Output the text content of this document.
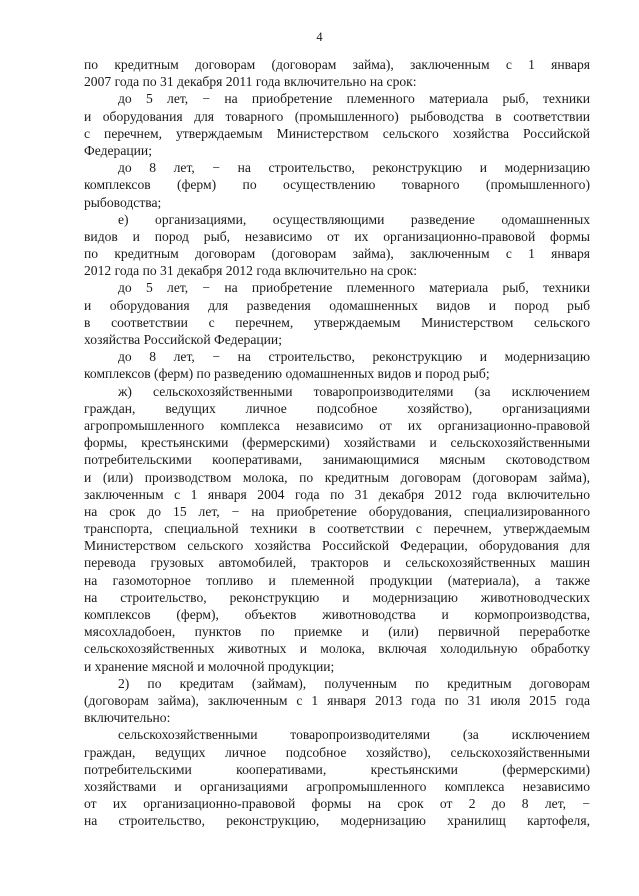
4
по кредитным договорам (договорам займа), заключенным с 1 января
2007 года по 31 декабря 2011 года включительно на срок:
до 5 лет, − на приобретение племенного материала рыб, техники
и оборудования для товарного (промышленного) рыбоводства в соответствии
с перечнем, утверждаемым Министерством сельского хозяйства Российской
Федерации;
до 8 лет, − на строительство, реконструкцию и модернизацию
комплексов (ферм) по осуществлению товарного (промышленного)
рыбоводства;
е) организациями, осуществляющими разведение одомашненных
видов и пород рыб, независимо от их организационно-правовой формы
по кредитным договорам (договорам займа), заключенным с 1 января
2012 года по 31 декабря 2012 года включительно на срок:
до 5 лет, − на приобретение племенного материала рыб, техники
и оборудования для разведения одомашненных видов и пород рыб
в соответствии с перечнем, утверждаемым Министерством сельского
хозяйства Российской Федерации;
до 8 лет, − на строительство, реконструкцию и модернизацию
комплексов (ферм) по разведению одомашненных видов и пород рыб;
ж) сельскохозяйственными товаропроизводителями (за исключением
граждан, ведущих личное подсобное хозяйство), организациями
агропромышленного комплекса независимо от их организационно-правовой
формы, крестьянскими (фермерскими) хозяйствами и сельскохозяйственными
потребительскими кооперативами, занимающимися мясным скотоводством
и (или) производством молока, по кредитным договорам (договорам займа),
заключенным с 1 января 2004 года по 31 декабря 2012 года включительно
на срок до 15 лет, − на приобретение оборудования, специализированного
транспорта, специальной техники в соответствии с перечнем, утверждаемым
Министерством сельского хозяйства Российской Федерации, оборудования для
перевода грузовых автомобилей, тракторов и сельскохозяйственных машин
на газомоторное топливо и племенной продукции (материала), а также
на строительство, реконструкцию и модернизацию животноводческих
комплексов (ферм), объектов животноводства и кормопроизводства,
мясохладобоен, пунктов по приемке и (или) первичной переработке
сельскохозяйственных животных и молока, включая холодильную обработку
и хранение мясной и молочной продукции;
2) по кредитам (займам), полученным по кредитным договорам
(договорам займа), заключенным с 1 января 2013 года по 31 июля 2015 года
включительно:
сельскохозяйственными товаропроизводителями (за исключением
граждан, ведущих личное подсобное хозяйство), сельскохозяйственными
потребительскими кооперативами, крестьянскими (фермерскими)
хозяйствами и организациями агропромышленного комплекса независимо
от их организационно-правовой формы на срок от 2 до 8 лет, −
на строительство, реконструкцию, модернизацию хранилищ картофеля,
